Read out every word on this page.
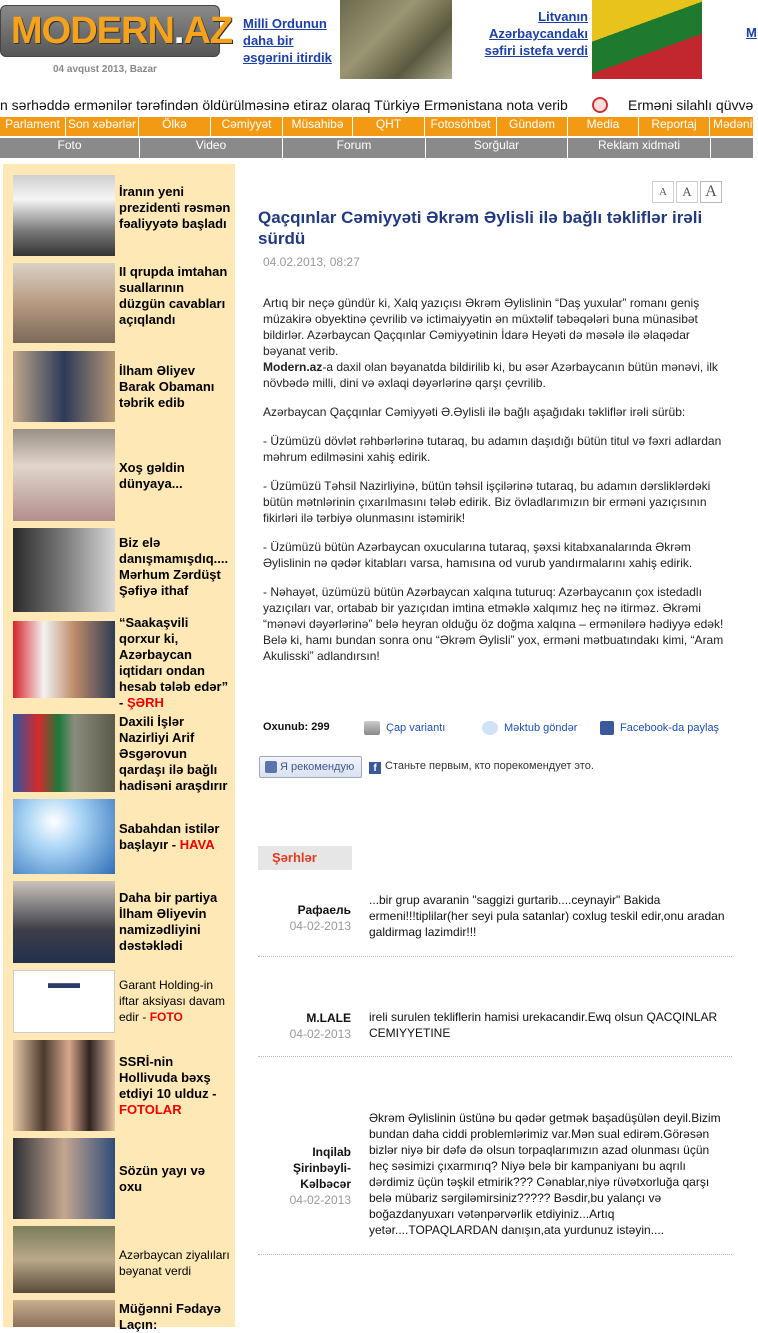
MODERN.AZ
04 avqust 2013, Bazar
Milli Ordunun daha bir əsgərini itirdik
Litvanın Azərbaycandakı səfiri istefa verdi
M
n sərhəddə ermənilər tərəfindən öldürülməsinə etiraz olaraq Türkiyə Ermənistana nota verib	Erməni silahlı qüvvə
Parlament Son xəbərlər	Ölkə	Cəmiyyət	Müsahibə	QHT	Fotosöhbət	Gündəm	Media	Reportaj	Mədəniy
Foto	Video	Forum	Sorğular	Reklam xidməti
İranın yeni prezidenti rəsmən fəaliyyətə başladı
II qrupda imtahan suallarının düzgün cavabları açıqlandı
İlham Əliyev Barak Obamanı təbrik edib
Xoş gəldin dünyaya...
Biz elə danışmamışdıq.... Mərhum Zərdüşt Şəfiyə ithaf
“Saakaşvili qorxur ki, Azərbaycan iqtidarı ondan hesab tələb edər” - ŞƏRH
Daxili İşlər Nazirliyi Arif Əsgərovun qardaşı ilə bağlı hadisəni araşdırır
Sabahdan istilər başlayır - HAVA
Daha bir partiya İlham Əliyevin namizədliyini dəstəklədi
▬▬	Garant Holding-in iftar aksiyası davam edir - FOTO
SSRİ-nin Hollivuda bəxş etdiyi 10 ulduz - FOTOLAR
Sözün yayı və oxu
Azərbaycan ziyalıları bəyanat verdi
Müğənni Fədayə Laçın:
A	A A
Qaçqınlar Cəmiyyəti Əkrəm Əylisli ilə bağlı təkliflər irəli sürdü
04.02.2013, 08:27

Artıq bir neçə gündür ki, Xalq yazıçısı Əkrəm Əylislinin “Daş yuxular” romanı geniş müzakirə obyektinə çevrilib və ictimaiyyətin ən müxtəlif təbəqələri buna münasibət bildirlər. Azərbaycan Qaçqınlar Cəmiyyətinin İdarə Heyəti də məsələ ilə əlaqədar bəyanat verib.

Modern.az-a daxil olan bəyanatda bildirilib ki, bu əsər Azərbaycanın bütün mənəvi, ilk növbədə milli, dini və əxlaqi dəyərlərinə qarşı çevrilib.

Azərbaycan Qaçqınlar Cəmiyyəti Ə.Əylisli ilə bağlı aşağıdakı təkliflər irəli sürüb:

- Üzümüzü dövlət rəhbərlərinə tutaraq, bu adamın daşıdığı bütün titul və fəxri adlardan məhrum edilməsini xahiş edirik.

- Üzümüzü Təhsil Nazirliyinə, bütün təhsil işçilərinə tutaraq, bu adamın dərsliklərdəki bütün mətnlərinin çıxarılmasını tələb edirik. Biz övladlarımızın bir erməni yazıçısının fikirləri ilə tərbiyə olunmasını istəmirik!

- Üzümüzü bütün Azərbaycan oxucularına tutaraq, şəxsi kitabxanalarında Əkrəm Əylislinin nə qədər kitabları varsa, hamısına od vurub yandırmalarını xahiş edirik.

- Nəhayət, üzümüzü bütün Azərbaycan xalqına tuturuq: Azərbaycanın çox istedadlı yazıçıları var, ortabab bir yazıçıdan imtina etməklə xalqımız heç nə itirməz. Əkrəmi “mənəvi dəyərlərinə” belə heyran olduğu öz doğma xalqına – ermənilərə hədiyyə edək! Belə ki, hamı bundan sonra onu “Əkrəm Əylisli” yox, erməni mətbuatındakı kimi, “Aram Akulisski” adlandırsın!

Oxunub: 299	Çap variantı	Məktub göndər	Facebook-da paylaş
Я рекомендую
f	Станьте первым, кто порекомендует это.
Şərhlər
Рафаель
04-02-2013
...bir grup avaranin "saggizi gurtarib....ceynayir" Bakida ermeni!!!tiplilar(her seyi pula satanlar) coxlug teskil edir,onu aradan galdirmag lazimdir!!!
M.LALE
04-02-2013
ireli surulen tekliflerin hamisi urekacandir.Ewq olsun QACQINLAR CEMIYYETINE
Inqilab Şirinbəyli-Kəlbəcər
04-02-2013
Əkrəm Əylislinin üstünə bu qədər getmək başadüşülən deyil.Bizim bundan daha ciddi problemlərimiz var.Mən sual edirəm.Görəsən bizlər niyə bir dəfə də olsun torpaqlarımızın azad olunması üçün heç səsimizi çıxarmırıq? Niyə belə bir kampaniyanı bu aqrılı dərdimiz üçün təşkil etmirik??? Cənablar,niyə rüvətxorluğa qarşı belə mübariz sərgiləmirsiniz????? Bəsdir,bu yalançı və boğazdanyuxarı vətənpərvərlik etdiyiniz...Artıq yetər....TOPAQLARDAN danışın,ata yurdunuz istəyin....
